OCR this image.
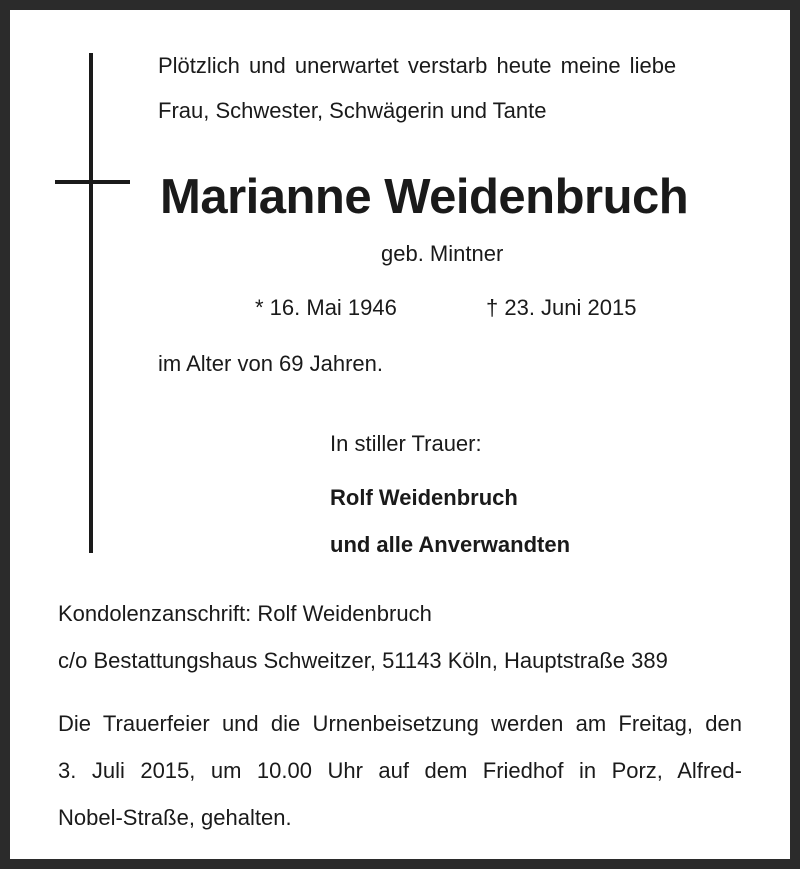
Plötzlich und unerwartet verstarb heute meine liebe
Frau, Schwester, Schwägerin und Tante
Marianne Weidenbruch
geb. Mintner
* 16. Mai 1946	† 23. Juni 2015
im Alter von 69 Jahren.
In stiller Trauer:
Rolf Weidenbruch
und alle Anverwandten
Kondolenzanschrift: Rolf Weidenbruch
c/o Bestattungshaus Schweitzer, 51143 Köln, Hauptstraße 389
Die Trauerfeier und die Urnenbeisetzung werden am Freitag, den
3. Juli 2015, um 10.00 Uhr auf dem Friedhof in Porz, Alfred-
Nobel-Straße, gehalten.
